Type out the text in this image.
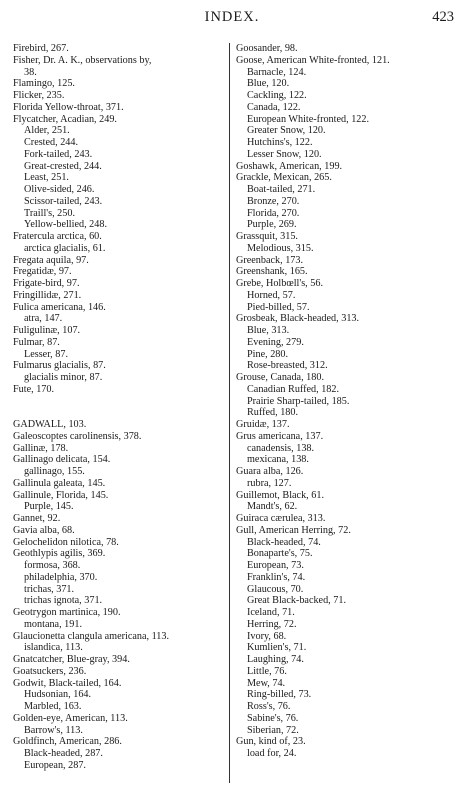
INDEX.	423
Firebird, 267.
Fisher, Dr. A. K., observations by,
38.
Flamingo, 125.
Flicker, 235.
Florida Yellow-throat, 371.
Flycatcher, Acadian, 249.
Alder, 251.
Crested, 244.
Fork-tailed, 243.
Great-crested, 244.
Least, 251.
Olive-sided, 246.
Scissor-tailed, 243.
Traill's, 250.
Yellow-bellied, 248.
Fratercula arctica, 60.
arctica glacialis, 61.
Fregata aquila, 97.
Fregatidæ, 97.
Frigate-bird, 97.
Fringillidæ, 271.
Fulica americana, 146.
atra, 147.
Fuligulinæ, 107.
Fulmar, 87.
Lesser, 87.
Fulmarus glacialis, 87.
glacialis minor, 87.
Fute, 170.
GADWALL, 103.
Galeoscoptes carolinensis, 378.
Gallinæ, 178.
Gallinago delicata, 154.
gallinago, 155.
Gallinula galeata, 145.
Gallinule, Florida, 145.
Purple, 145.
Gannet, 92.
Gavia alba, 68.
Gelochelidon nilotica, 78.
Geothlypis agilis, 369.
formosa, 368.
philadelphia, 370.
trichas, 371.
trichas ignota, 371.
Geotrygon martinica, 190.
montana, 191.
Glaucionetta clangula americana, 113.
islandica, 113.
Gnatcatcher, Blue-gray, 394.
Goatsuckers, 236.
Godwit, Black-tailed, 164.
Hudsonian, 164.
Marbled, 163.
Golden-eye, American, 113.
Barrow's, 113.
Goldfinch, American, 286.
Black-headed, 287.
European, 287.
Goosander, 98.
Goose, American White-fronted, 121.
Barnacle, 124.
Blue, 120.
Cackling, 122.
Canada, 122.
European White-fronted, 122.
Greater Snow, 120.
Hutchins's, 122.
Lesser Snow, 120.
Goshawk, American, 199.
Grackle, Mexican, 265.
Boat-tailed, 271.
Bronze, 270.
Florida, 270.
Purple, 269.
Grassquit, 315.
Melodious, 315.
Greenback, 173.
Greenshank, 165.
Grebe, Holbœll's, 56.
Horned, 57.
Pied-billed, 57.
Grosbeak, Black-headed, 313.
Blue, 313.
Evening, 279.
Pine, 280.
Rose-breasted, 312.
Grouse, Canada, 180.
Canadian Ruffed, 182.
Prairie Sharp-tailed, 185.
Ruffed, 180.
Gruidæ, 137.
Grus americana, 137.
canadensis, 138.
mexicana, 138.
Guara alba, 126.
rubra, 127.
Guillemot, Black, 61.
Mandt's, 62.
Guiraca cærulea, 313.
Gull, American Herring, 72.
Black-headed, 74.
Bonaparte's, 75.
European, 73.
Franklin's, 74.
Glaucous, 70.
Great Black-backed, 71.
Iceland, 71.
Herring, 72.
Ivory, 68.
Kumlien's, 71.
Laughing, 74.
Little, 76.
Mew, 74.
Ring-billed, 73.
Ross's, 76.
Sabine's, 76.
Siberian, 72.
Gun, kind of, 23.
load for, 24.
